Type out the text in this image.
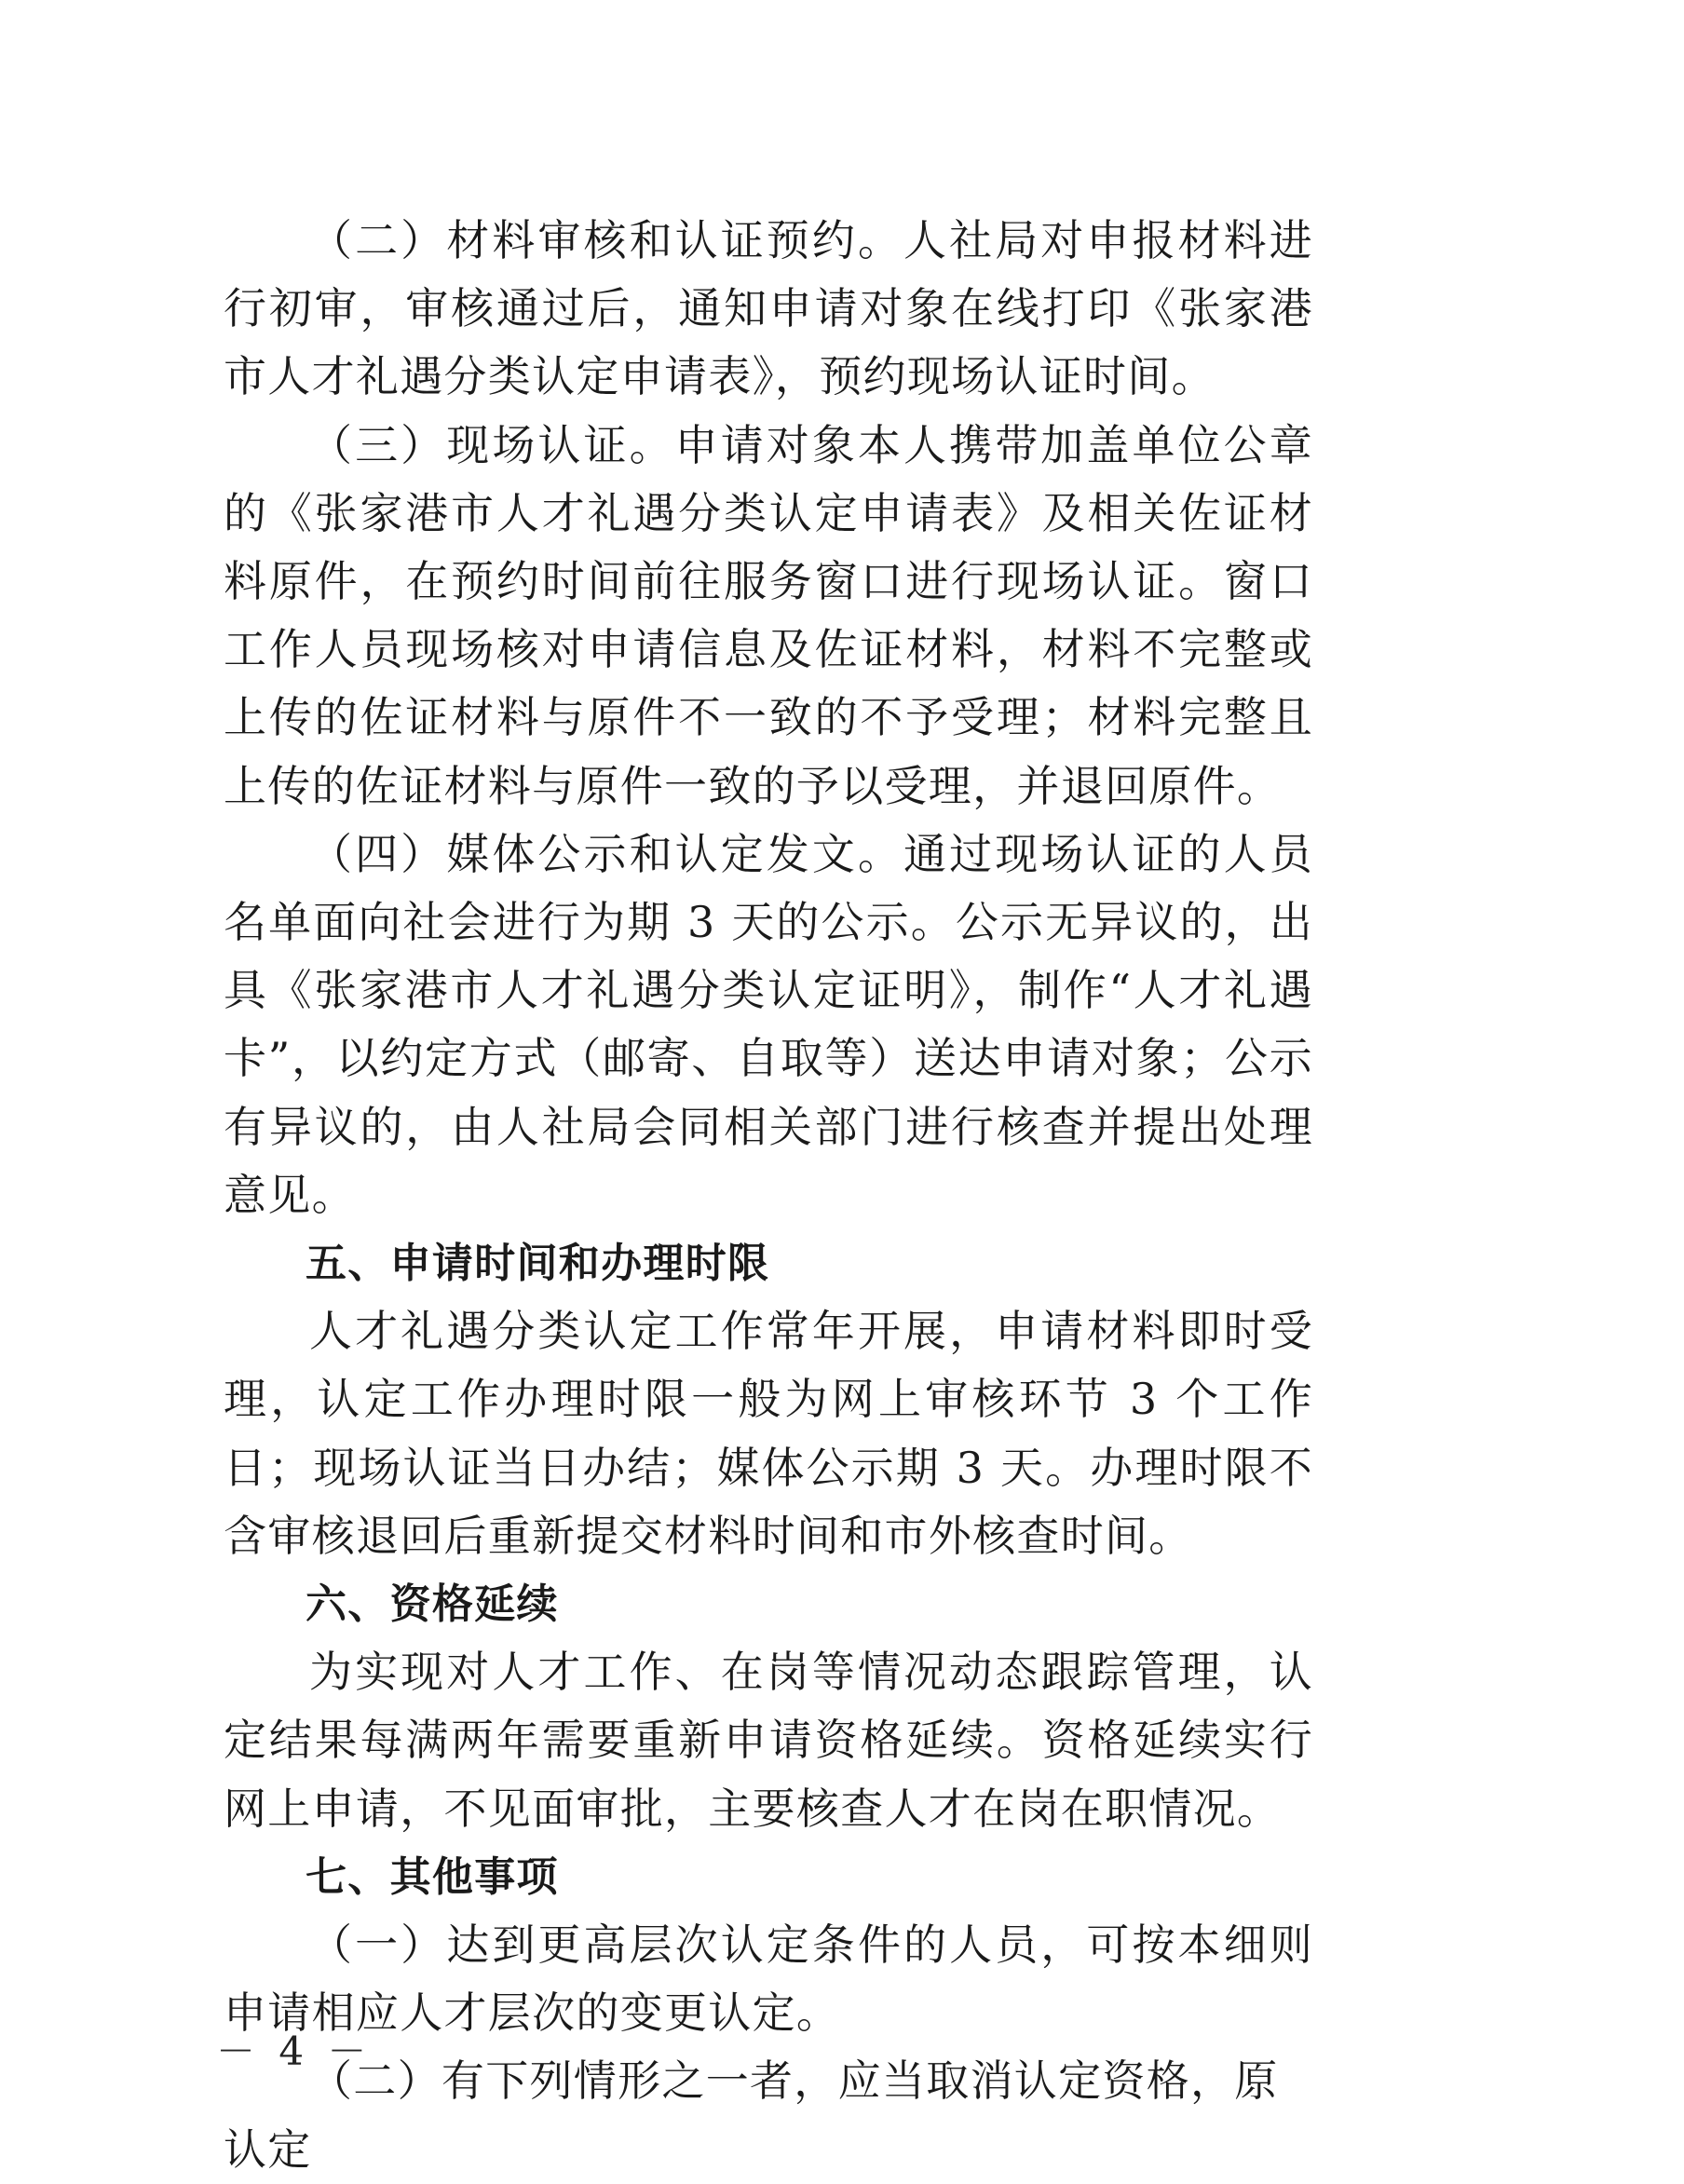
（二）材料审核和认证预约。人社局对申报材料进行初审，审核通过后，通知申请对象在线打印《张家港市人才礼遇分类认定申请表》，预约现场认证时间。

（三）现场认证。申请对象本人携带加盖单位公章的《张家港市人才礼遇分类认定申请表》及相关佐证材料原件，在预约时间前往服务窗口进行现场认证。窗口工作人员现场核对申请信息及佐证材料，材料不完整或上传的佐证材料与原件不一致的不予受理；材料完整且上传的佐证材料与原件一致的予以受理，并退回原件。

（四）媒体公示和认定发文。通过现场认证的人员名单面向社会进行为期 3 天的公示。公示无异议的，出具《张家港市人才礼遇分类认定证明》，制作“人才礼遇卡”，以约定方式（邮寄、自取等）送达申请对象；公示有异议的，由人社局会同相关部门进行核查并提出处理意见。

五、申请时间和办理时限

人才礼遇分类认定工作常年开展，申请材料即时受理，认定工作办理时限一般为网上审核环节 3 个工作日；现场认证当日办结；媒体公示期 3 天。办理时限不含审核退回后重新提交材料时间和市外核查时间。

六、资格延续

为实现对人才工作、在岗等情况动态跟踪管理，认定结果每满两年需要重新申请资格延续。资格延续实行网上申请，不见面审批，主要核查人才在岗在职情况。

七、其他事项

（一）达到更高层次认定条件的人员，可按本细则申请相应人才层次的变更认定。

（二）有下列情形之一者，应当取消认定资格，原认定

－ 4 －
